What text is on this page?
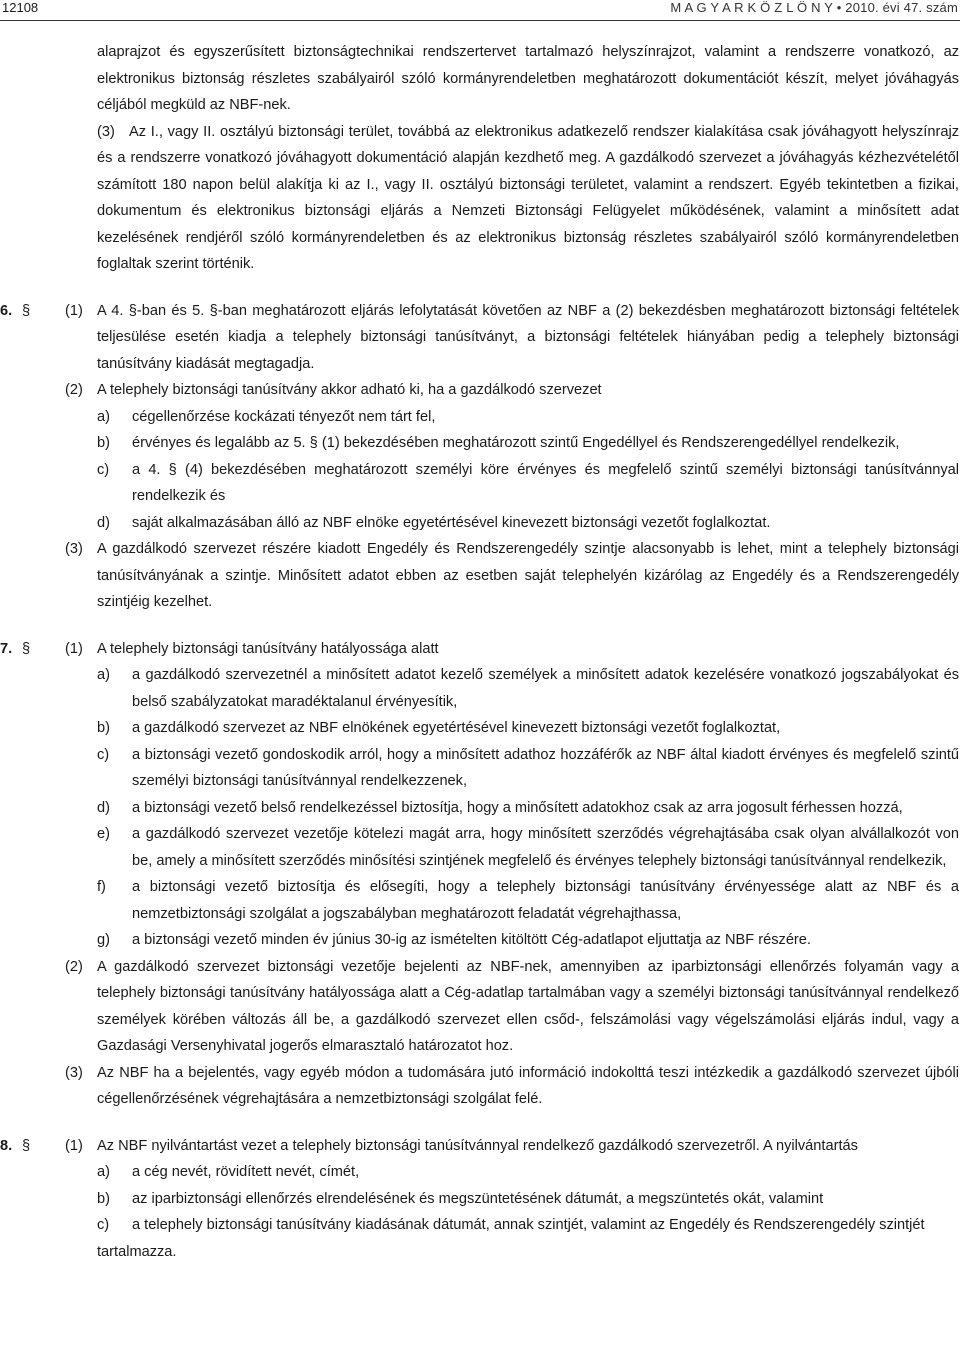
12108	M A G Y A R K Ö Z L Ö N Y • 2010. évi 47. szám

alaprajzot és egyszerűsített biztonságtechnikai rendszertervet tartalmazó helyszínrajzot, valamint a rendszerre vonatkozó, az elektronikus biztonság részletes szabályairól szóló kormányrendeletben meghatározott dokumentációt készít, melyet jóváhagyás céljából megküld az NBF-nek.

(3) Az I., vagy II. osztályú biztonsági terület, továbbá az elektronikus adatkezelő rendszer kialakítása csak jóváhagyott helyszínrajz és a rendszerre vonatkozó jóváhagyott dokumentáció alapján kezdhető meg. A gazdálkodó szervezet a jóváhagyás kézhezvételétől számított 180 napon belül alakítja ki az I., vagy II. osztályú biztonsági területet, valamint a rendszert. Egyéb tekintetben a fizikai, dokumentum és elektronikus biztonsági eljárás a Nemzeti Biztonsági Felügyelet működésének, valamint a minősített adat kezelésének rendjéről szóló kormányrendeletben és az elektronikus biztonság részletes szabályairól szóló kormányrendeletben foglaltak szerint történik.

6. § (1) A 4. §-ban és 5. §-ban meghatározott eljárás lefolytatását követően az NBF a (2) bekezdésben meghatározott biztonsági feltételek teljesülése esetén kiadja a telephely biztonsági tanúsítványt, a biztonsági feltételek hiányában pedig a telephely biztonsági tanúsítvány kiadását megtagadja.

(2) A telephely biztonsági tanúsítvány akkor adható ki, ha a gazdálkodó szervezet

a) cégellenőrzése kockázati tényezőt nem tárt fel,

b) érvényes és legalább az 5. § (1) bekezdésében meghatározott szintű Engedéllyel és Rendszerengedéllyel rendelkezik,

c) a 4. § (4) bekezdésében meghatározott személyi köre érvényes és megfelelő szintű személyi biztonsági tanúsítvánnyal rendelkezik és

d) saját alkalmazásában álló az NBF elnöke egyetértésével kinevezett biztonsági vezetőt foglalkoztat.

(3) A gazdálkodó szervezet részére kiadott Engedély és Rendszerengedély szintje alacsonyabb is lehet, mint a telephely biztonsági tanúsítványának a szintje. Minősített adatot ebben az esetben saját telephelyén kizárólag az Engedély és a Rendszerengedély szintjéig kezelhet.

7. § (1) A telephely biztonsági tanúsítvány hatályossága alatt

a) a gazdálkodó szervezetnél a minősített adatot kezelő személyek a minősített adatok kezelésére vonatkozó jogszabályokat és belső szabályzatokat maradéktalanul érvényesítik,

b) a gazdálkodó szervezet az NBF elnökének egyetértésével kinevezett biztonsági vezetőt foglalkoztat,

c) a biztonsági vezető gondoskodik arról, hogy a minősített adathoz hozzáférők az NBF által kiadott érvényes és megfelelő szintű személyi biztonsági tanúsítvánnyal rendelkezzenek,

d) a biztonsági vezető belső rendelkezéssel biztosítja, hogy a minősített adatokhoz csak az arra jogosult férhessen hozzá,

e) a gazdálkodó szervezet vezetője kötelezi magát arra, hogy minősített szerződés végrehajtásába csak olyan alvállalkozót von be, amely a minősített szerződés minősítési szintjének megfelelő és érvényes telephely biztonsági tanúsítvánnyal rendelkezik,

f) a biztonsági vezető biztosítja és elősegíti, hogy a telephely biztonsági tanúsítvány érvényessége alatt az NBF és a nemzetbiztonsági szolgálat a jogszabályban meghatározott feladatát végrehajthassa,

g) a biztonsági vezető minden év június 30-ig az ismételten kitöltött Cég-adatlapot eljuttatja az NBF részére.

(2) A gazdálkodó szervezet biztonsági vezetője bejelenti az NBF-nek, amennyiben az iparbiztonsági ellenőrzés folyamán vagy a telephely biztonsági tanúsítvány hatályossága alatt a Cég-adatlap tartalmában vagy a személyi biztonsági tanúsítvánnyal rendelkező személyek körében változás áll be, a gazdálkodó szervezet ellen csőd-, felszámolási vagy végelszámolási eljárás indul, vagy a Gazdasági Versenyhivatal jogerős elmarasztaló határozatot hoz.

(3) Az NBF ha a bejelentés, vagy egyéb módon a tudomására jutó információ indokolttá teszi intézkedik a gazdálkodó szervezet újbóli cégellenőrzésének végrehajtására a nemzetbiztonsági szolgálat felé.

8. § (1) Az NBF nyilvántartást vezet a telephely biztonsági tanúsítvánnyal rendelkező gazdálkodó szervezetről. A nyilvántartás

a) a cég nevét, rövidített nevét, címét,

b) az iparbiztonsági ellenőrzés elrendelésének és megszüntetésének dátumát, a megszüntetés okát, valamint

c) a telephely biztonsági tanúsítvány kiadásának dátumát, annak szintjét, valamint az Engedély és Rendszerengedély szintjét

tartalmazza.
